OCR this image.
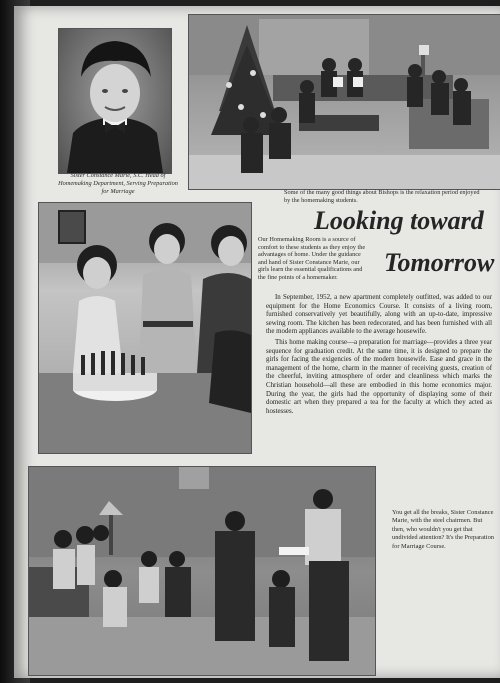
Sister Constance Marie, S.C. Head of Homemaking Department, Serving Preparation for Marriage	Some of the many good things about Bishops is the relaxation period enjoyed by the homemaking students.

Looking toward
Tomorrow

Our Homemaking Room is a source of comfort to these students as they enjoy the advantages of home. Under the guidance and hand of Sister Constance Marie, our girls learn the essential qualifications and the fine points of a homemaker.

In September, 1952, a new apartment completely outfitted, was added to our equipment for the Home Economics Course. It consists of a living room, furnished conservatively yet beautifully, along with an up-to-date, impressive sewing room. The kitchen has been redecorated, and has been furnished with all the modern appliances available to the average housewife.

This home making course—a preparation for marriage—provides a three year sequence for graduation credit. At the same time, it is designed to prepare the girls for facing the exigencies of the modern housewife. Ease and grace in the management of the home, charm in the manner of receiving guests, creation of the cheerful, inviting atmosphere of order and cleanliness which marks the Christian household—all these are embodied in this home economics major. During the year, the girls had the opportunity of displaying some of their domestic art when they prepared a tea for the faculty at which they acted as hostesses.

You get all the breaks, Sister Constance Marie, with the steel chairmen. But then, who wouldn't you get that undivided attention? It's the Preparation for Marriage Course.
